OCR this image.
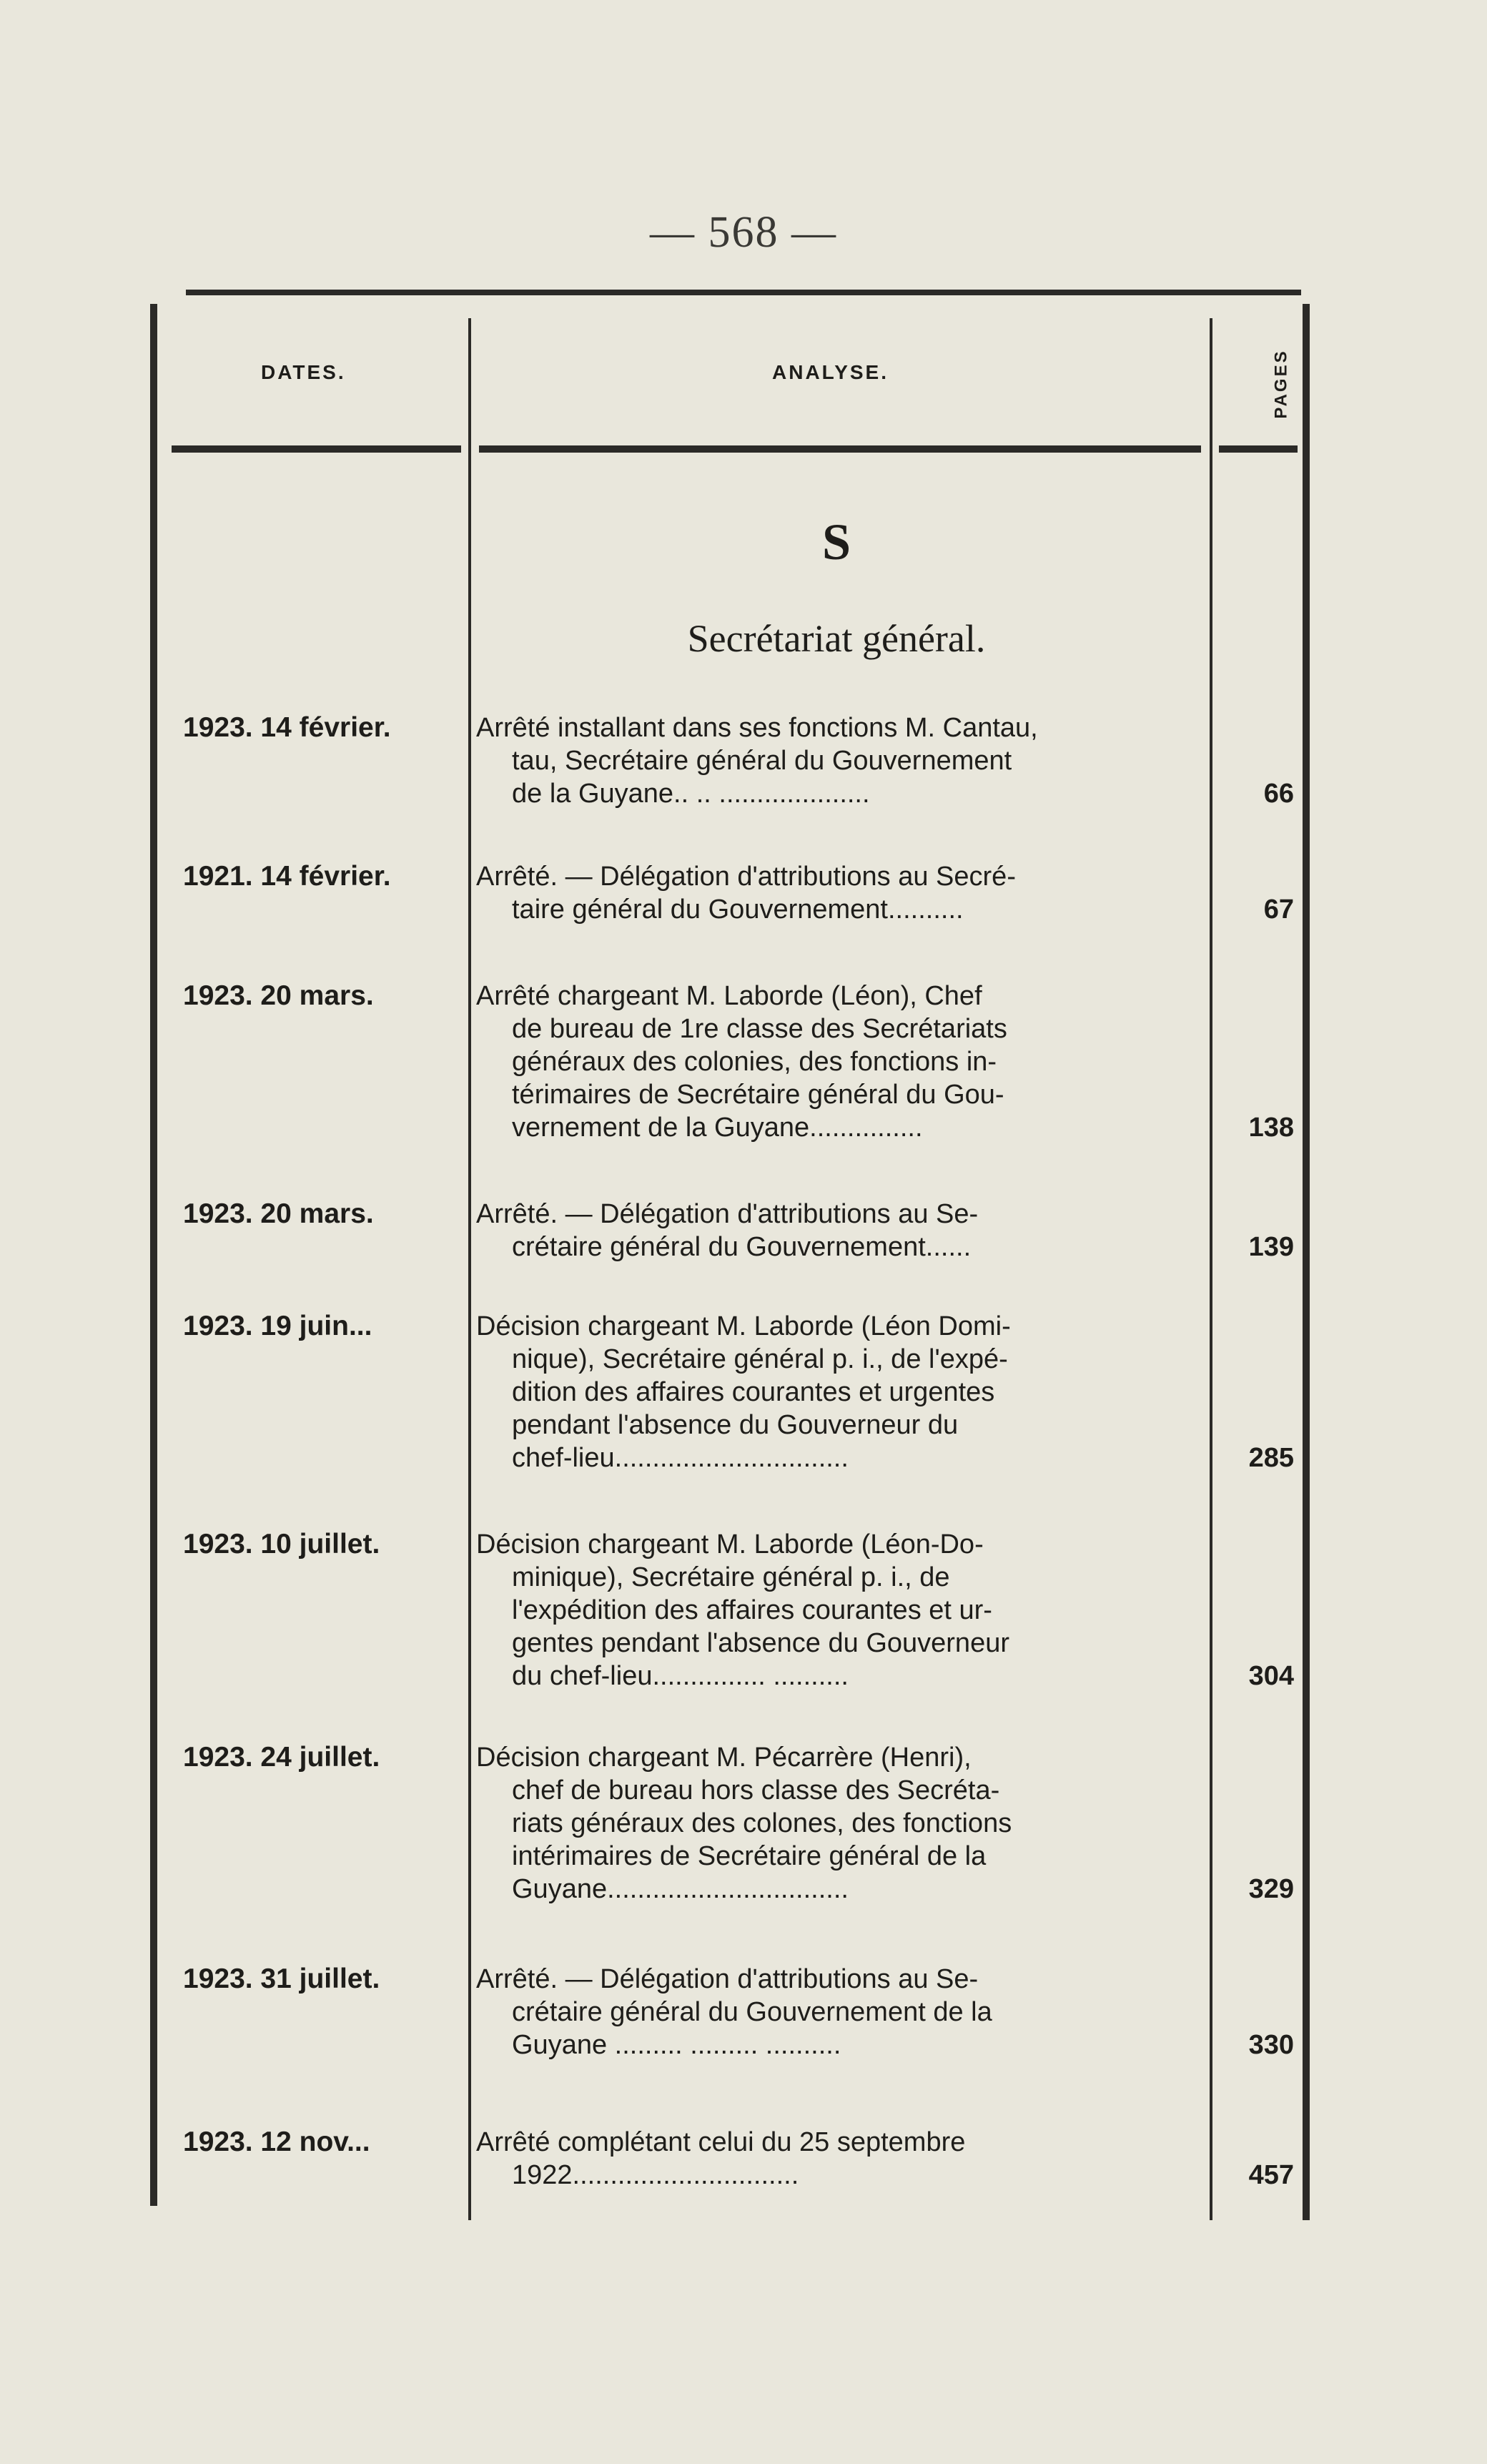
— 568 —
DATES.	ANALYSE.	PAGES
S
Secrétariat général.
1923. 14 février.	Arrêté installant dans ses fonctions M. Cantau,
tau, Secrétaire général du Gouvernement
de la Guyane.. .. ....................	66
1921. 14 février.	Arrêté. — Délégation d'attributions au Secré-
taire général du Gouvernement..........	67
1923. 20 mars.	Arrêté chargeant M. Laborde (Léon), Chef
de bureau de 1re classe des Secrétariats
généraux des colonies, des fonctions in-
térimaires de Secrétaire général du Gou-
vernement de la Guyane...............	138
1923. 20 mars.	Arrêté. — Délégation d'attributions au Se-
crétaire général du Gouvernement......	139
1923. 19 juin...	Décision chargeant M. Laborde (Léon Domi-
nique), Secrétaire général p. i., de l'expé-
dition des affaires courantes et urgentes
pendant l'absence du Gouverneur du
chef-lieu...............................	285
1923. 10 juillet.	Décision chargeant M. Laborde (Léon-Do-
minique), Secrétaire général p. i., de
l'expédition des affaires courantes et ur-
gentes pendant l'absence du Gouverneur
du chef-lieu............... ..........	304
1923. 24 juillet.	Décision chargeant M. Pécarrère (Henri),
chef de bureau hors classe des Secréta-
riats généraux des colones, des fonctions
intérimaires de Secrétaire général de la
Guyane................................	329
1923. 31 juillet.	Arrêté. — Délégation d'attributions au Se-
crétaire général du Gouvernement de la
Guyane ......... ......... ..........	330
1923. 12 nov...	Arrêté complétant celui du 25 septembre
1922..............................	457
